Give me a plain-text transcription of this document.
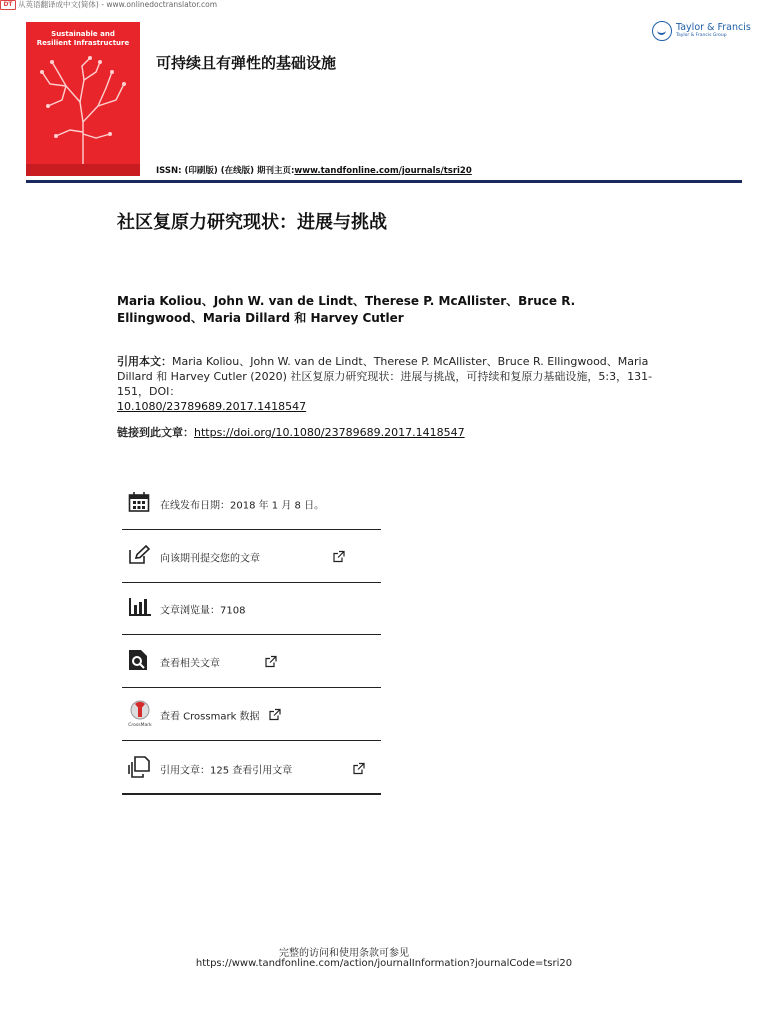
DT 从英语翻译成中文(简体) - www.onlinedoctranslator.com
Sustainable and
Resilient Infrastructure
可持续且有弹性的基础设施
ISSN: (印刷版) (在线版) 期刊主页:www.tandfonline.com/journals/tsri20
Taylor & Francis
Taylor & Francis Group
社区复原力研究现状：进展与挑战
Maria Koliou、John W. van de Lindt、Therese P. McAllister、Bruce R.
Ellingwood、Maria Dillard 和 Harvey Cutler
引用本文：Maria Koliou、John W. van de Lindt、Therese P. McAllister、Bruce R. Ellingwood、Maria Dillard 和 Harvey Cutler (2020) 社区复原力研究现状：进展与挑战，可持续和复原力基础设施，5:3，131-151，DOI：
10.1080/23789689.2017.1418547
链接到此文章：https://doi.org/10.1080/23789689.2017.1418547
在线发布日期：2018 年 1 月 8 日。
向该期刊提交您的文章
文章浏览量：7108
查看相关文章
CrossMark
查看 Crossmark 数据
引用文章：125 查看引用文章
完整的访问和使用条款可参见
https://www.tandfonline.com/action/journalInformation?journalCode=tsri20
